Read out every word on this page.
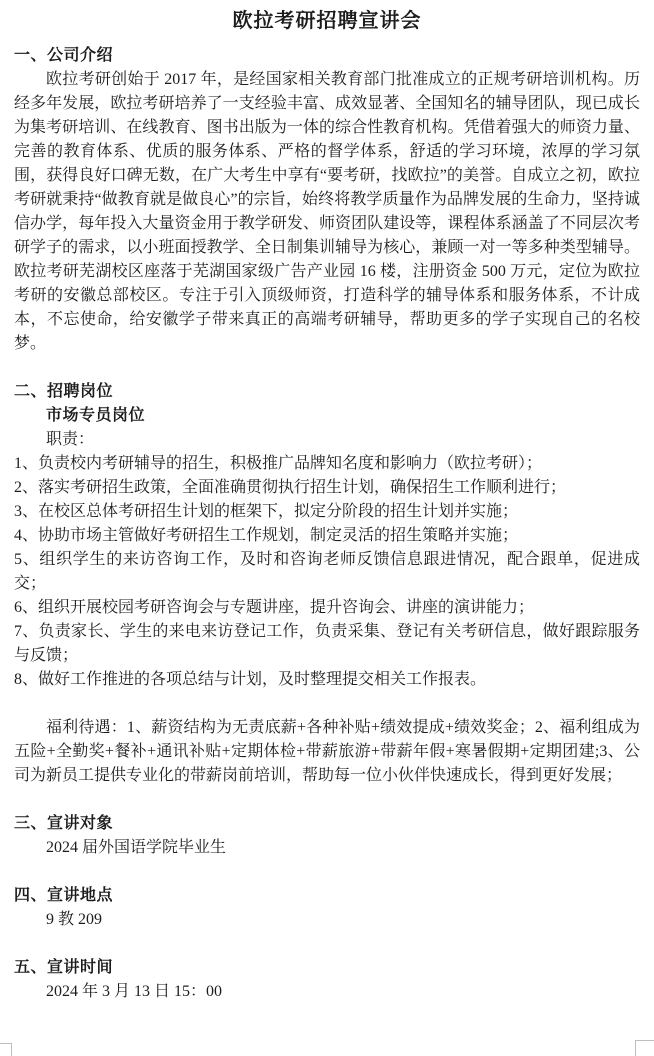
欧拉考研招聘宣讲会
一、公司介绍
欧拉考研创始于 2017 年，是经国家相关教育部门批准成立的正规考研培训机构。历经多年发展，欧拉考研培养了一支经验丰富、成效显著、全国知名的辅导团队，现已成长为集考研培训、在线教育、图书出版为一体的综合性教育机构。凭借着强大的师资力量、完善的教育体系、优质的服务体系、严格的督学体系，舒适的学习环境，浓厚的学习氛围，获得良好口碑无数，在广大考生中享有“要考研，找欧拉”的美誉。自成立之初，欧拉考研就秉持“做教育就是做良心”的宗旨，始终将教学质量作为品牌发展的生命力，坚持诚信办学，每年投入大量资金用于教学研发、师资团队建设等，课程体系涵盖了不同层次考研学子的需求，以小班面授教学、全日制集训辅导为核心，兼顾一对一等多种类型辅导。欧拉考研芜湖校区座落于芜湖国家级广告产业园 16 楼，注册资金 500 万元，定位为欧拉考研的安徽总部校区。专注于引入顶级师资，打造科学的辅导体系和服务体系，不计成本，不忘使命，给安徽学子带来真正的高端考研辅导，帮助更多的学子实现自己的名校梦。
二、招聘岗位
市场专员岗位
职责：
1、负责校内考研辅导的招生，积极推广品牌知名度和影响力（欧拉考研）；
2、落实考研招生政策，全面准确贯彻执行招生计划，确保招生工作顺利进行；
3、在校区总体考研招生计划的框架下，拟定分阶段的招生计划并实施；
4、协助市场主管做好考研招生工作规划，制定灵活的招生策略并实施；
5、组织学生的来访咨询工作，及时和咨询老师反馈信息跟进情况，配合跟单，促进成交；
6、组织开展校园考研咨询会与专题讲座，提升咨询会、讲座的演讲能力；
7、负责家长、学生的来电来访登记工作，负责采集、登记有关考研信息，做好跟踪服务与反馈；
8、做好工作推进的各项总结与计划，及时整理提交相关工作报表。
福利待遇：1、薪资结构为无责底薪+各种补贴+绩效提成+绩效奖金；2、福利组成为五险+全勤奖+餐补+通讯补贴+定期体检+带薪旅游+带薪年假+寒暑假期+定期团建;3、公司为新员工提供专业化的带薪岗前培训，帮助每一位小伙伴快速成长，得到更好发展；
三、宣讲对象
2024 届外国语学院毕业生
四、宣讲地点
9 教 209
五、宣讲时间
2024 年 3 月 13 日 15：00
